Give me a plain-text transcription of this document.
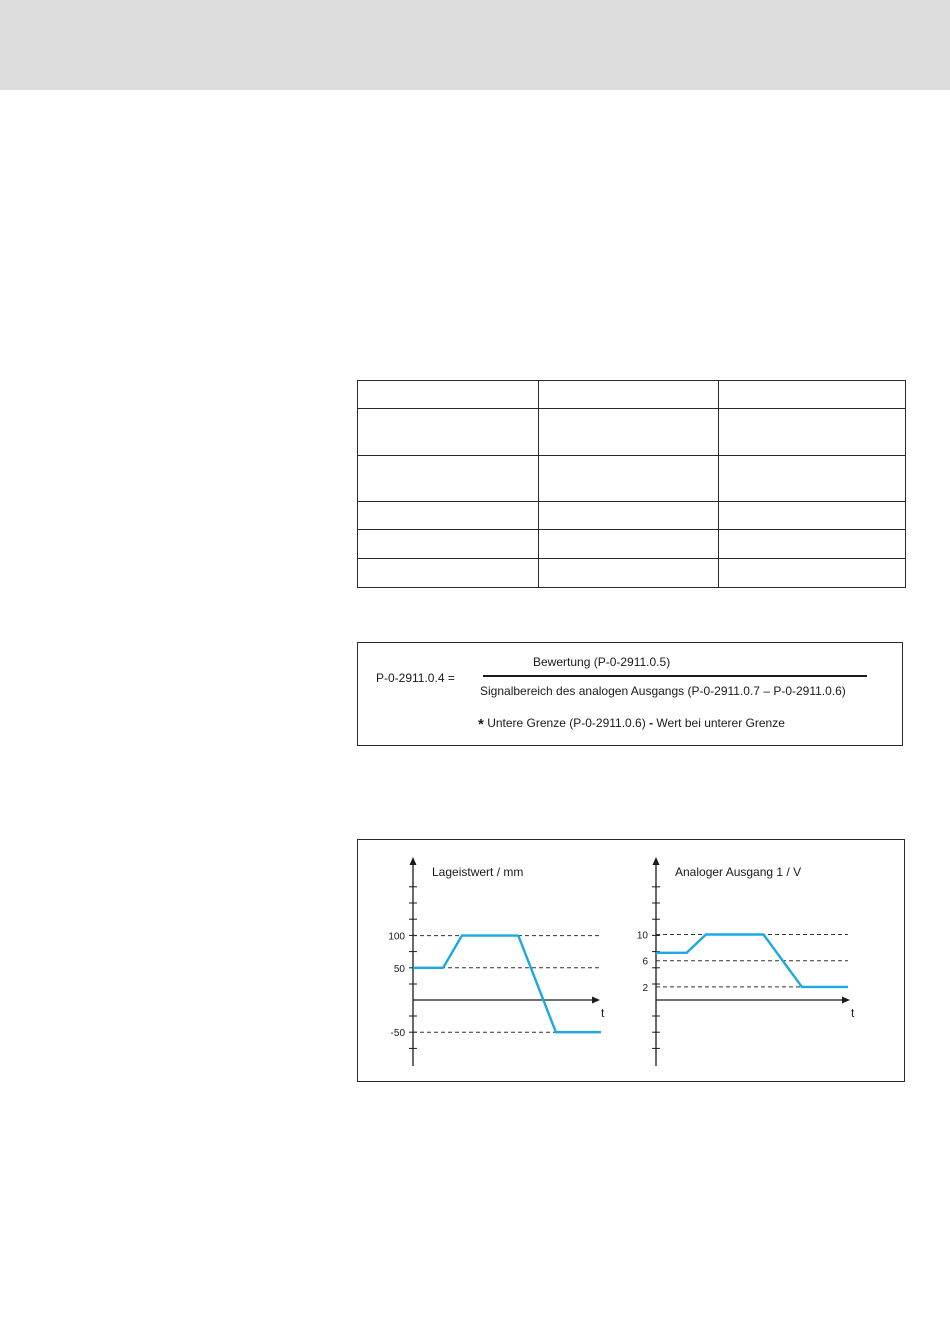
P-0-2911.0.4 =
Bewertung (P-0-2911.0.5)
Signalbereich des analogen Ausgangs (P-0-2911.0.7 – P-0-2911.0.6)
* Untere Grenze (P-0-2911.0.6) - Wert bei unterer Grenze
100
50
-50
Lageistwert / mm
t
10
6
2
Analoger Ausgang 1 / V
t
